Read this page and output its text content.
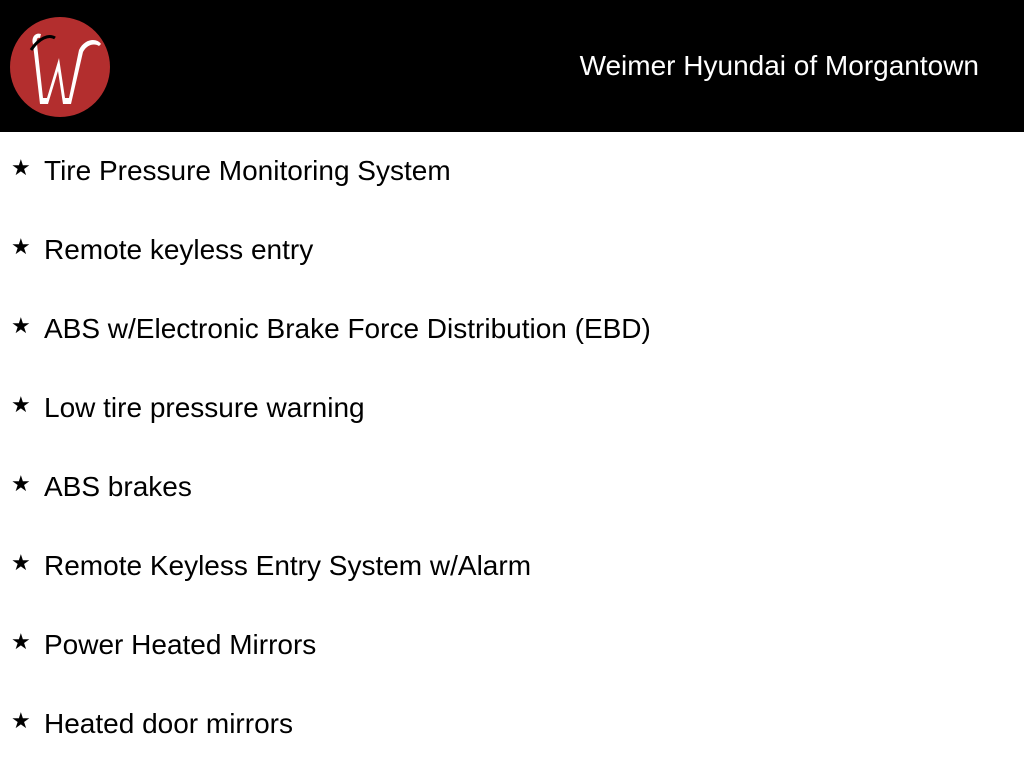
Weimer Hyundai of Morgantown
★ Tire Pressure Monitoring System
★ Remote keyless entry
★ ABS w/Electronic Brake Force Distribution (EBD)
★ Low tire pressure warning
★ ABS brakes
★ Remote Keyless Entry System w/Alarm
★ Power Heated Mirrors
★ Heated door mirrors
